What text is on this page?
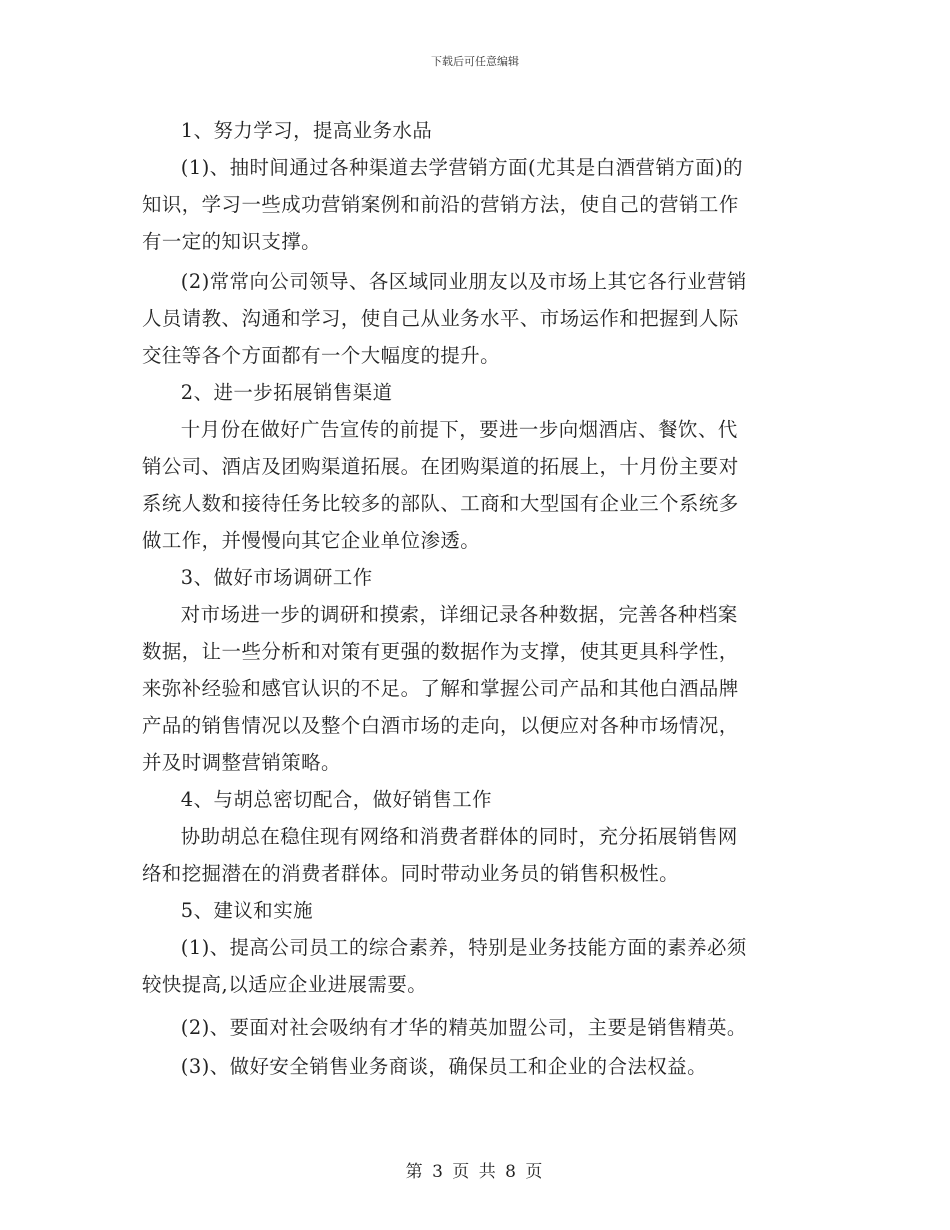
下载后可任意编辑
1、努力学习，提高业务水品
(1)、抽时间通过各种渠道去学营销方面(尤其是白酒营销方面)的
知识，学习一些成功营销案例和前沿的营销方法，使自己的营销工作
有一定的知识支撑。
(2)常常向公司领导、各区域同业朋友以及市场上其它各行业营销
人员请教、沟通和学习，使自己从业务水平、市场运作和把握到人际
交往等各个方面都有一个大幅度的提升。
2、进一步拓展销售渠道
十月份在做好广告宣传的前提下，要进一步向烟酒店、餐饮、代
销公司、酒店及团购渠道拓展。在团购渠道的拓展上，十月份主要对
系统人数和接待任务比较多的部队、工商和大型国有企业三个系统多
做工作，并慢慢向其它企业单位渗透。
3、做好市场调研工作
对市场进一步的调研和摸索，详细记录各种数据，完善各种档案
数据，让一些分析和对策有更强的数据作为支撑，使其更具科学性，
来弥补经验和感官认识的不足。了解和掌握公司产品和其他白酒品牌
产品的销售情况以及整个白酒市场的走向，以便应对各种市场情况，
并及时调整营销策略。
4、与胡总密切配合，做好销售工作
协助胡总在稳住现有网络和消费者群体的同时，充分拓展销售网
络和挖掘潜在的消费者群体。同时带动业务员的销售积极性。
5、建议和实施
(1)、提高公司员工的综合素养，特别是业务技能方面的素养必须
较快提高,以适应企业进展需要。
(2)、要面对社会吸纳有才华的精英加盟公司，主要是销售精英。
(3)、做好安全销售业务商谈，确保员工和企业的合法权益。
第 3 页 共 8 页
